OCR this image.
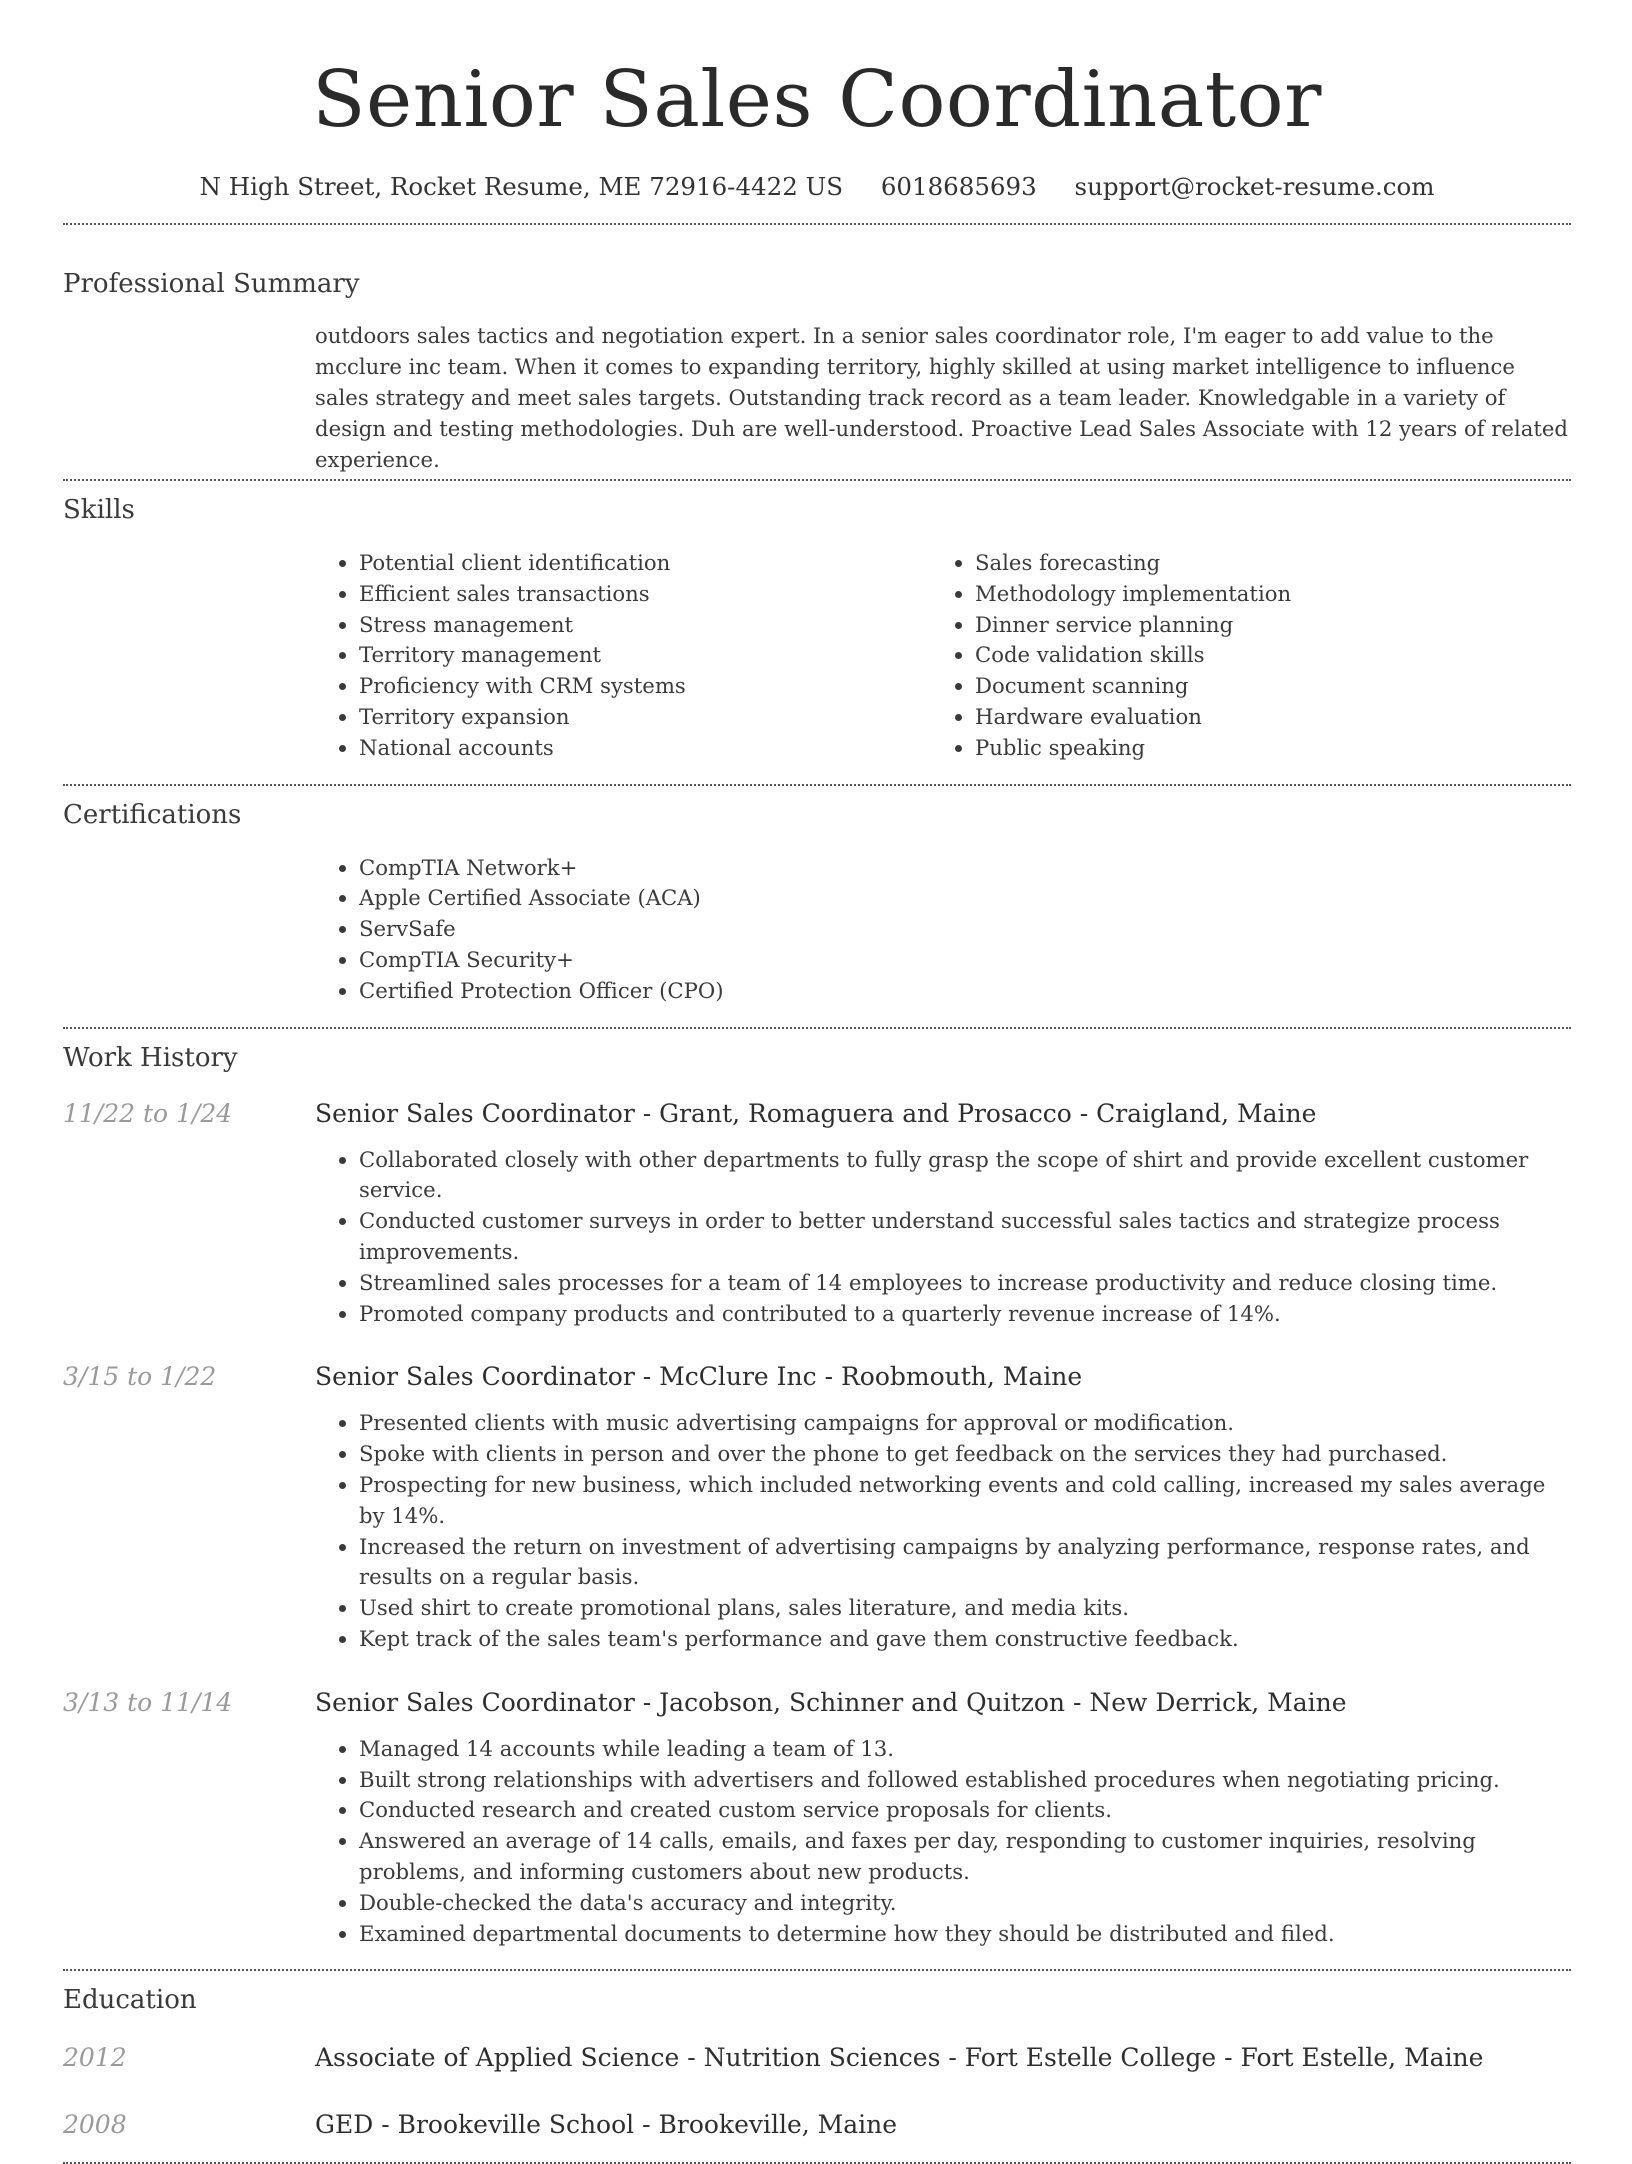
Senior Sales Coordinator
N High Street, Rocket Resume, ME 72916-4422 US 6018685693 support@rocket-resume.com
Professional Summary
outdoors sales tactics and negotiation expert. In a senior sales coordinator role, I'm eager to add value to the mcclure inc team. When it comes to expanding territory, highly skilled at using market intelligence to influence sales strategy and meet sales targets. Outstanding track record as a team leader. Knowledgable in a variety of design and testing methodologies. Duh are well-understood. Proactive Lead Sales Associate with 12 years of related experience.
Skills
• Potential client identification
• Efficient sales transactions
• Stress management
• Territory management
• Proficiency with CRM systems
• Territory expansion
• National accounts
• Sales forecasting
• Methodology implementation
• Dinner service planning
• Code validation skills
• Document scanning
• Hardware evaluation
• Public speaking
Certifications
• CompTIA Network+
• Apple Certified Associate (ACA)
• ServSafe
• CompTIA Security+
• Certified Protection Officer (CPO)
Work History
11/22 to 1/24	Senior Sales Coordinator - Grant, Romaguera and Prosacco - Craigland, Maine
• Collaborated closely with other departments to fully grasp the scope of shirt and provide excellent customer service.
• Conducted customer surveys in order to better understand successful sales tactics and strategize process improvements.
• Streamlined sales processes for a team of 14 employees to increase productivity and reduce closing time.
• Promoted company products and contributed to a quarterly revenue increase of 14%.
3/15 to 1/22	Senior Sales Coordinator - McClure Inc - Roobmouth, Maine
• Presented clients with music advertising campaigns for approval or modification.
• Spoke with clients in person and over the phone to get feedback on the services they had purchased.
• Prospecting for new business, which included networking events and cold calling, increased my sales average by 14%.
• Increased the return on investment of advertising campaigns by analyzing performance, response rates, and results on a regular basis.
• Used shirt to create promotional plans, sales literature, and media kits.
• Kept track of the sales team's performance and gave them constructive feedback.
3/13 to 11/14	Senior Sales Coordinator - Jacobson, Schinner and Quitzon - New Derrick, Maine
• Managed 14 accounts while leading a team of 13.
• Built strong relationships with advertisers and followed established procedures when negotiating pricing.
• Conducted research and created custom service proposals for clients.
• Answered an average of 14 calls, emails, and faxes per day, responding to customer inquiries, resolving problems, and informing customers about new products.
• Double-checked the data's accuracy and integrity.
• Examined departmental documents to determine how they should be distributed and filed.
Education
2012	Associate of Applied Science - Nutrition Sciences - Fort Estelle College - Fort Estelle, Maine
2008	GED - Brookeville School - Brookeville, Maine
